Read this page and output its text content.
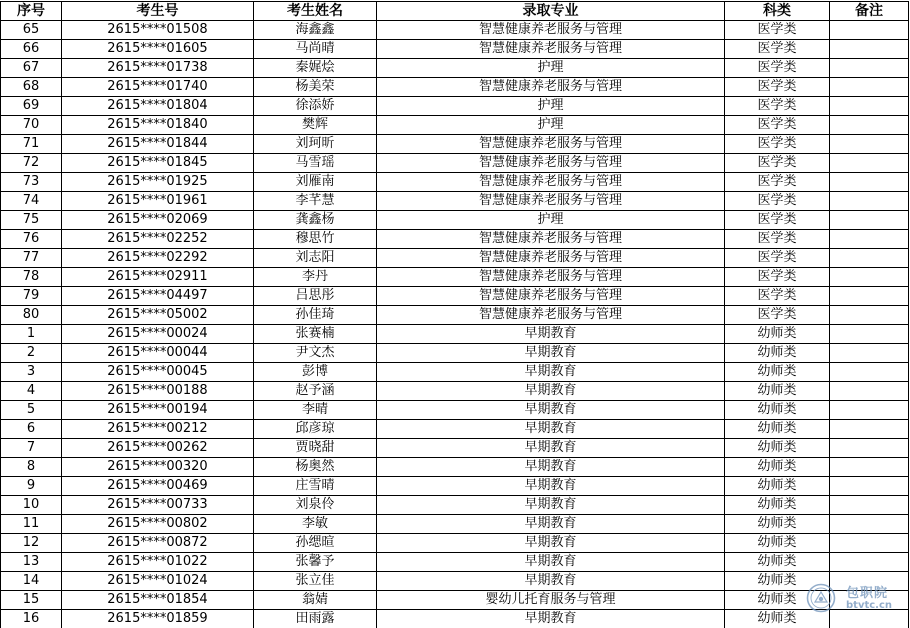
序号	考生号	考生姓名	录取专业	科类	备注
65	2615****01508	海鑫鑫	智慧健康养老服务与管理	医学类	
66	2615****01605	马尚晴	智慧健康养老服务与管理	医学类	
67	2615****01738	秦娓烩	护理	医学类	
68	2615****01740	杨美荣	智慧健康养老服务与管理	医学类	
69	2615****01804	徐添娇	护理	医学类	
70	2615****01840	樊辉	护理	医学类	
71	2615****01844	刘珂昕	智慧健康养老服务与管理	医学类	
72	2615****01845	马雪瑶	智慧健康养老服务与管理	医学类	
73	2615****01925	刘雁南	智慧健康养老服务与管理	医学类	
74	2615****01961	李芊慧	智慧健康养老服务与管理	医学类	
75	2615****02069	龚鑫杨	护理	医学类	
76	2615****02252	穆思竹	智慧健康养老服务与管理	医学类	
77	2615****02292	刘志阳	智慧健康养老服务与管理	医学类	
78	2615****02911	李丹	智慧健康养老服务与管理	医学类	
79	2615****04497	吕思彤	智慧健康养老服务与管理	医学类	
80	2615****05002	孙佳琦	智慧健康养老服务与管理	医学类	
1	2615****00024	张赛楠	早期教育	幼师类	
2	2615****00044	尹文杰	早期教育	幼师类	
3	2615****00045	彭博	早期教育	幼师类	
4	2615****00188	赵予涵	早期教育	幼师类	
5	2615****00194	李晴	早期教育	幼师类	
6	2615****00212	邱彦琼	早期教育	幼师类	
7	2615****00262	贾晓甜	早期教育	幼师类	
8	2615****00320	杨奥然	早期教育	幼师类	
9	2615****00469	庄雪晴	早期教育	幼师类	
10	2615****00733	刘泉伶	早期教育	幼师类	
11	2615****00802	李敏	早期教育	幼师类	
12	2615****00872	孙缌暄	早期教育	幼师类	
13	2615****01022	张馨予	早期教育	幼师类	
14	2615****01024	张立佳	早期教育	幼师类	
15	2615****01854	翁婧	婴幼儿托育服务与管理	幼师类	
16	2615****01859	田雨露	早期教育	幼师类	
包职院
btvtc.cn
